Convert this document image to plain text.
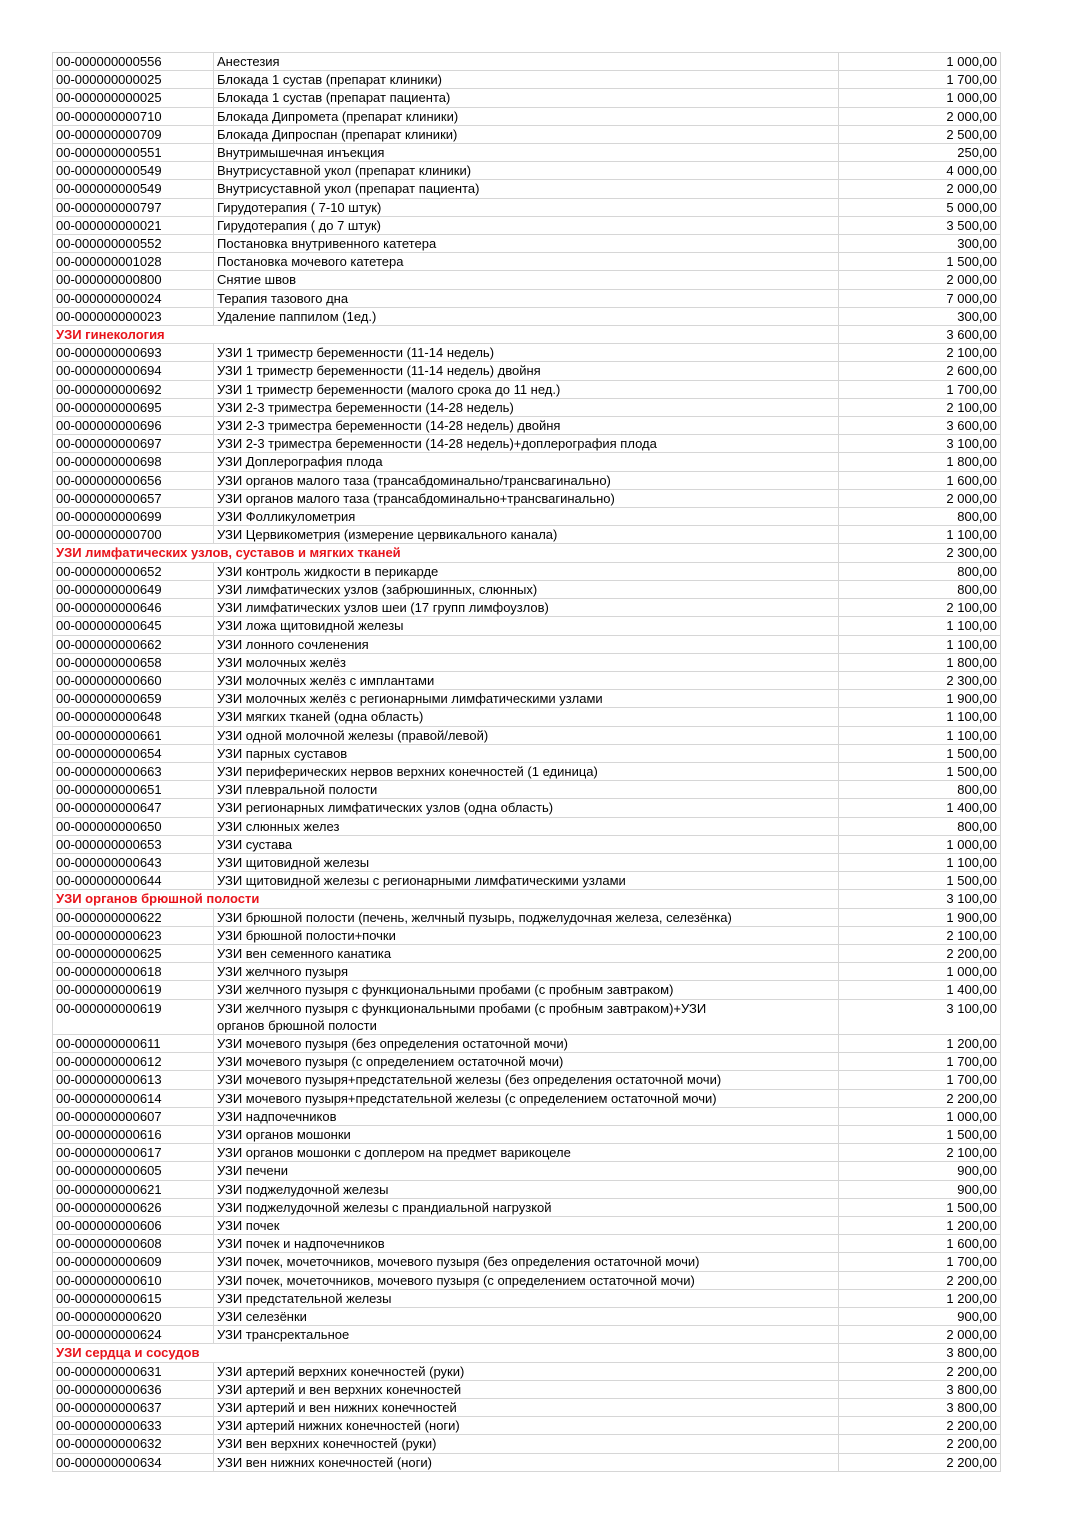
00-000000000556	Анестезия	1 000,00
00-000000000025	Блокада 1 сустав (препарат клиники)	1 700,00
00-000000000025	Блокада 1 сустав (препарат пациента)	1 000,00
00-000000000710	Блокада Дипромета (препарат клиники)	2 000,00
00-000000000709	Блокада Дипроспан (препарат клиники)	2 500,00
00-000000000551	Внутримышечная инъекция	250,00
00-000000000549	Внутрисуставной укол (препарат клиники)	4 000,00
00-000000000549	Внутрисуставной укол (препарат пациента)	2 000,00
00-000000000797	Гирудотерапия ( 7-10 штук)	5 000,00
00-000000000021	Гирудотерапия ( до 7 штук)	3 500,00
00-000000000552	Постановка внутривенного катетера	300,00
00-000000001028	Постановка мочевого катетера	1 500,00
00-000000000800	Снятие швов	2 000,00
00-000000000024	Терапия тазового дна	7 000,00
00-000000000023	Удаление паппилом (1ед.)	300,00
УЗИ гинекология		3 600,00
00-000000000693	УЗИ 1 триместр беременности (11-14 недель)	2 100,00
00-000000000694	УЗИ 1 триместр беременности (11-14 недель) двойня	2 600,00
00-000000000692	УЗИ 1 триместр беременности (малого срока до 11 нед.)	1 700,00
00-000000000695	УЗИ 2-3 триместра беременности (14-28 недель)	2 100,00
00-000000000696	УЗИ 2-3 триместра беременности (14-28 недель) двойня	3 600,00
00-000000000697	УЗИ 2-3 триместра беременности (14-28 недель)+доплерография плода	3 100,00
00-000000000698	УЗИ Доплерография плода	1 800,00
00-000000000656	УЗИ органов малого таза (трансабдоминально/трансвагинально)	1 600,00
00-000000000657	УЗИ органов малого таза (трансабдоминально+трансвагинально)	2 000,00
00-000000000699	УЗИ Фолликулометрия	800,00
00-000000000700	УЗИ Цервикометрия (измерение цервикального канала)	1 100,00
УЗИ лимфатических узлов, суставов и мягких тканей		2 300,00
00-000000000652	УЗИ контроль жидкости в перикарде	800,00
00-000000000649	УЗИ лимфатических узлов (забрюшинных, слюнных)	800,00
00-000000000646	УЗИ лимфатических узлов шеи (17 групп лимфоузлов)	2 100,00
00-000000000645	УЗИ ложа щитовидной железы	1 100,00
00-000000000662	УЗИ лонного сочленения	1 100,00
00-000000000658	УЗИ молочных желёз	1 800,00
00-000000000660	УЗИ молочных желёз с имплантами	2 300,00
00-000000000659	УЗИ молочных желёз с регионарными лимфатическими узлами	1 900,00
00-000000000648	УЗИ мягких тканей (одна область)	1 100,00
00-000000000661	УЗИ одной молочной железы (правой/левой)	1 100,00
00-000000000654	УЗИ парных суставов	1 500,00
00-000000000663	УЗИ периферических нервов верхних конечностей (1 единица)	1 500,00
00-000000000651	УЗИ плевральной полости	800,00
00-000000000647	УЗИ регионарных лимфатических узлов (одна область)	1 400,00
00-000000000650	УЗИ слюнных желез	800,00
00-000000000653	УЗИ сустава	1 000,00
00-000000000643	УЗИ щитовидной железы	1 100,00
00-000000000644	УЗИ щитовидной железы с регионарными лимфатическими узлами	1 500,00
УЗИ органов брюшной полости		3 100,00
00-000000000622	УЗИ брюшной полости (печень, желчный пузырь, поджелудочная железа, селезёнка)	1 900,00
00-000000000623	УЗИ брюшной полости+почки	2 100,00
00-000000000625	УЗИ вен семенного канатика	2 200,00
00-000000000618	УЗИ желчного пузыря	1 000,00
00-000000000619	УЗИ желчного пузыря с функциональными пробами (с пробным завтраком)	1 400,00
00-000000000619	УЗИ желчного пузыря с функциональными пробами (с пробным завтраком)+УЗИ
органов брюшной полости	3 100,00
00-000000000611	УЗИ мочевого пузыря (без определения остаточной мочи)	1 200,00
00-000000000612	УЗИ мочевого пузыря (с определением остаточной мочи)	1 700,00
00-000000000613	УЗИ мочевого пузыря+предстательной железы (без определения остаточной мочи)	1 700,00
00-000000000614	УЗИ мочевого пузыря+предстательной железы (с определением остаточной мочи)	2 200,00
00-000000000607	УЗИ надпочечников	1 000,00
00-000000000616	УЗИ органов мошонки	1 500,00
00-000000000617	УЗИ органов мошонки с доплером на предмет варикоцеле	2 100,00
00-000000000605	УЗИ печени	900,00
00-000000000621	УЗИ поджелудочной железы	900,00
00-000000000626	УЗИ поджелудочной железы с прандиальной нагрузкой	1 500,00
00-000000000606	УЗИ почек	1 200,00
00-000000000608	УЗИ почек и надпочечников	1 600,00
00-000000000609	УЗИ почек, мочеточников, мочевого пузыря (без определения остаточной мочи)	1 700,00
00-000000000610	УЗИ почек, мочеточников, мочевого пузыря (с определением остаточной мочи)	2 200,00
00-000000000615	УЗИ предстательной железы	1 200,00
00-000000000620	УЗИ селезёнки	900,00
00-000000000624	УЗИ трансректальное	2 000,00
УЗИ сердца и сосудов		3 800,00
00-000000000631	УЗИ артерий верхних конечностей (руки)	2 200,00
00-000000000636	УЗИ артерий и вен верхних конечностей	3 800,00
00-000000000637	УЗИ артерий и вен нижних конечностей	3 800,00
00-000000000633	УЗИ артерий нижних конечностей (ноги)	2 200,00
00-000000000632	УЗИ вен верхних конечностей (руки)	2 200,00
00-000000000634	УЗИ вен нижних конечностей (ноги)	2 200,00
